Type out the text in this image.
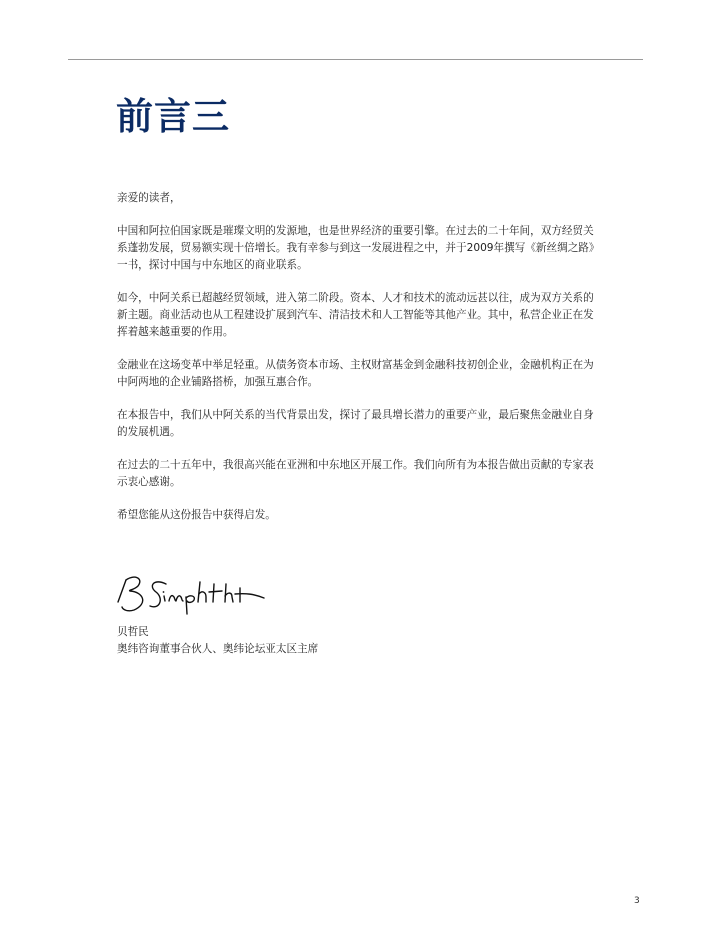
前言三

亲爱的读者，

中国和阿拉伯国家既是璀璨文明的发源地，也是世界经济的重要引擎。在过去的二十年间，双方经贸关系蓬勃发展，贸易额实现十倍增长。我有幸参与到这一发展进程之中，并于2009年撰写《新丝绸之路》一书，探讨中国与中东地区的商业联系。

如今，中阿关系已超越经贸领域，进入第二阶段。资本、人才和技术的流动远甚以往，成为双方关系的新主题。商业活动也从工程建设扩展到汽车、清洁技术和人工智能等其他产业。其中，私营企业正在发挥着越来越重要的作用。

金融业在这场变革中举足轻重。从债务资本市场、主权财富基金到金融科技初创企业，金融机构正在为中阿两地的企业铺路搭桥，加强互惠合作。

在本报告中，我们从中阿关系的当代背景出发，探讨了最具增长潜力的重要产业，最后聚焦金融业自身的发展机遇。

在过去的二十五年中，我很高兴能在亚洲和中东地区开展工作。我们向所有为本报告做出贡献的专家表示衷心感谢。

希望您能从这份报告中获得启发。

贝哲民
奥纬咨询董事合伙人、奥纬论坛亚太区主席
3
